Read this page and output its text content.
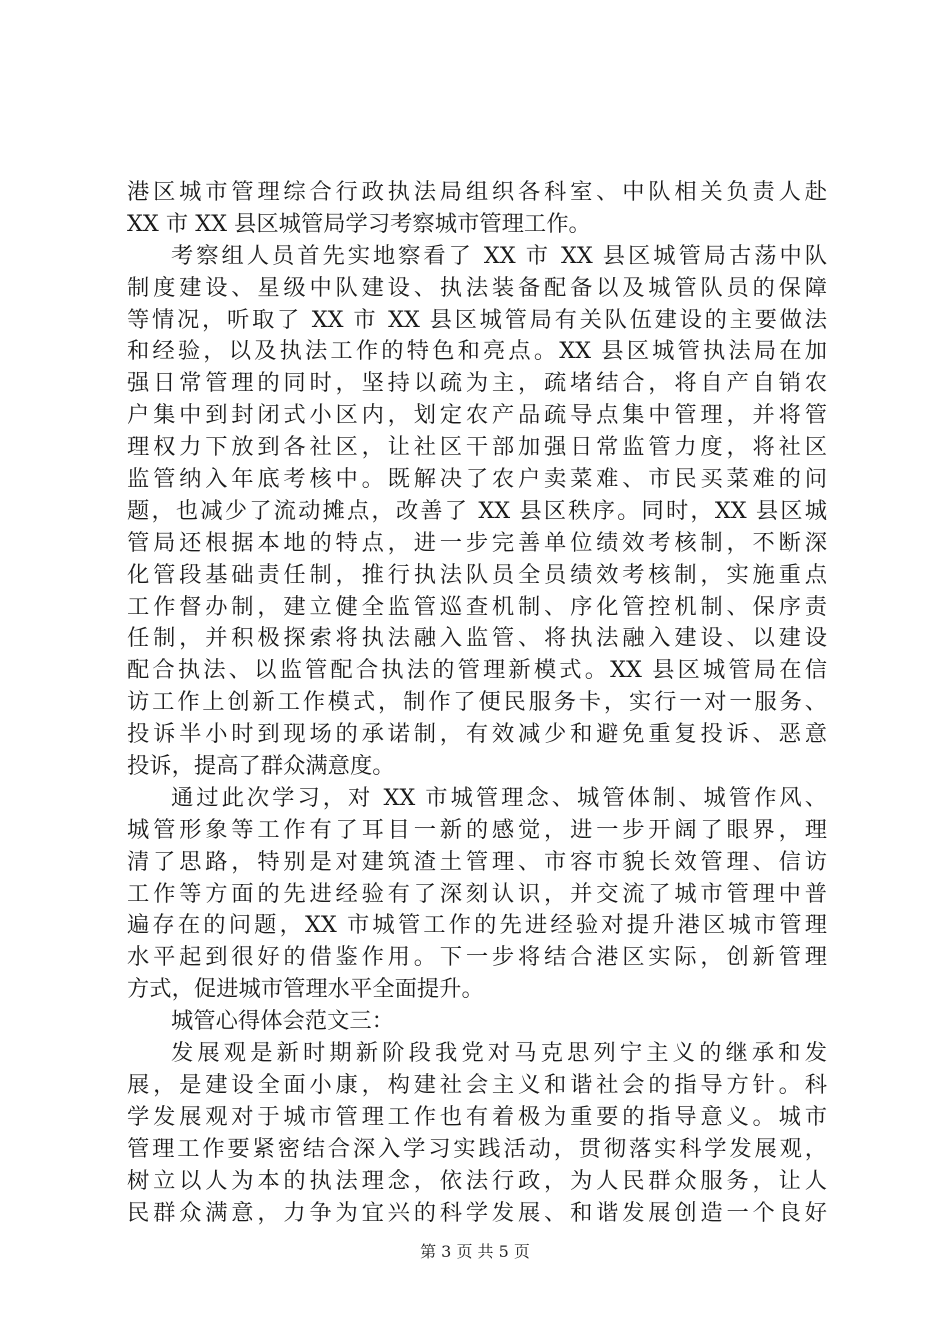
港区城市管理综合行政执法局组织各科室、中队相关负责人赴
XX 市 XX 县区城管局学习考察城市管理工作。
考察组人员首先实地察看了 XX 市 XX 县区城管局古荡中队
制度建设、星级中队建设、执法装备配备以及城管队员的保障
等情况，听取了 XX 市 XX 县区城管局有关队伍建设的主要做法
和经验，以及执法工作的特色和亮点。XX 县区城管执法局在加
强日常管理的同时，坚持以疏为主，疏堵结合，将自产自销农
户集中到封闭式小区内，划定农产品疏导点集中管理，并将管
理权力下放到各社区，让社区干部加强日常监管力度，将社区
监管纳入年底考核中。既解决了农户卖菜难、市民买菜难的问
题，也减少了流动摊点，改善了 XX 县区秩序。同时，XX 县区城
管局还根据本地的特点，进一步完善单位绩效考核制，不断深
化管段基础责任制，推行执法队员全员绩效考核制，实施重点
工作督办制，建立健全监管巡查机制、序化管控机制、保序责
任制，并积极探索将执法融入监管、将执法融入建设、以建设
配合执法、以监管配合执法的管理新模式。XX 县区城管局在信
访工作上创新工作模式，制作了便民服务卡，实行一对一服务、
投诉半小时到现场的承诺制，有效减少和避免重复投诉、恶意
投诉，提高了群众满意度。
通过此次学习，对 XX 市城管理念、城管体制、城管作风、
城管形象等工作有了耳目一新的感觉，进一步开阔了眼界，理
清了思路，特别是对建筑渣土管理、市容市貌长效管理、信访
工作等方面的先进经验有了深刻认识，并交流了城市管理中普
遍存在的问题，XX 市城管工作的先进经验对提升港区城市管理
水平起到很好的借鉴作用。下一步将结合港区实际，创新管理
方式，促进城市管理水平全面提升。
城管心得体会范文三：
发展观是新时期新阶段我党对马克思列宁主义的继承和发
展，是建设全面小康，构建社会主义和谐社会的指导方针。科
学发展观对于城市管理工作也有着极为重要的指导意义。城市
管理工作要紧密结合深入学习实践活动，贯彻落实科学发展观，
树立以人为本的执法理念，依法行政，为人民群众服务，让人
民群众满意，力争为宜兴的科学发展、和谐发展创造一个良好
第 3 页 共 5 页
